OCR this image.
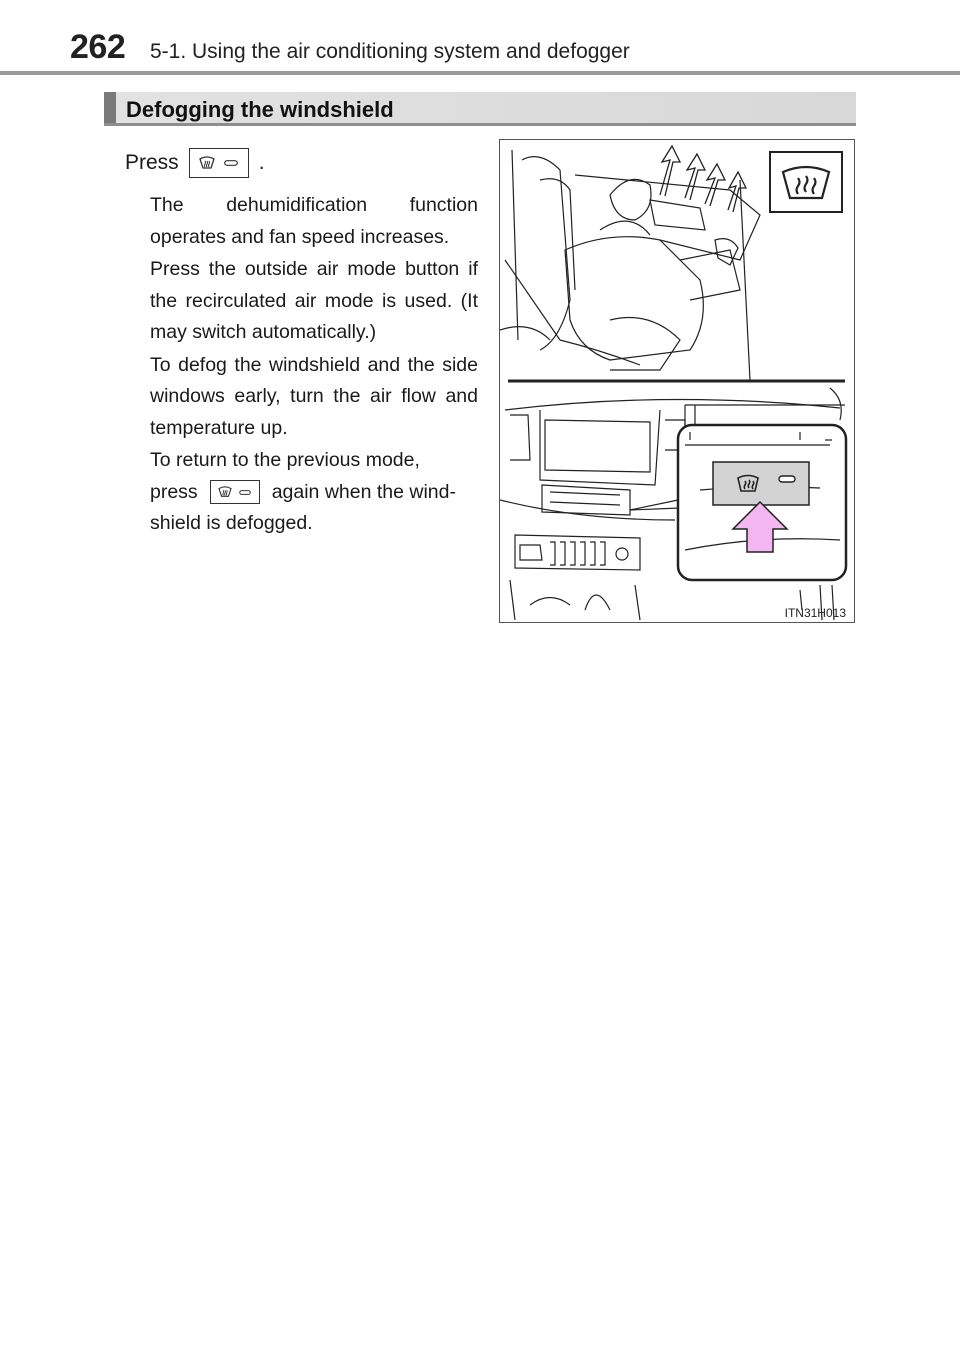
262 5-1. Using the air conditioning system and defogger
Defogging the windshield
Press	.

The dehumidification function operates and fan speed increases.

Press the outside air mode button if the recirculated air mode is used. (It may switch automatically.)

To defog the windshield and the side windows early, turn the air flow and temperature up.

To return to the previous mode,

press	again when the wind-

shield is defogged.

ITN31H013
